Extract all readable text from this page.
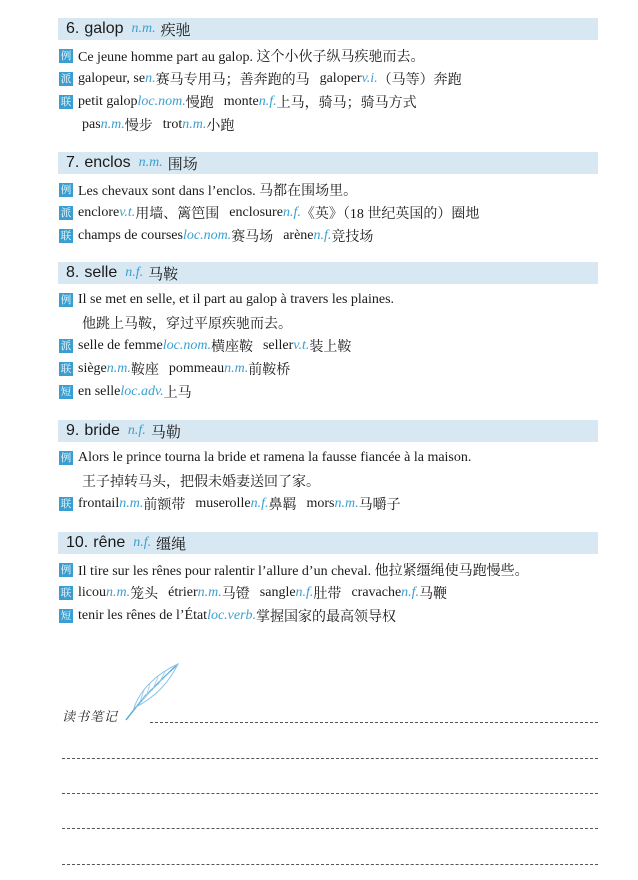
6. galop n.m. 疾驰
例 Ce jeune homme part au galop. 这个小伙子纵马疾驰而去。
派 galopeur, se n. 赛马专用马；善奔跑的马 galoper v.i. （马等）奔跑
联 petit galop loc.nom. 慢跑 monte n.f. 上马，骑马；骑马方式
pas n.m. 慢步 trot n.m. 小跑
7. enclos n.m. 围场
例 Les chevaux sont dans l’enclos. 马都在围场里。
派 enclore v.t. 用墙、篱笆围 enclosure n.f. 《英》（18 世纪英国的）圈地
联 champs de courses loc.nom. 赛马场 arène n.f. 竞技场
8. selle n.f. 马鞍
例 Il se met en selle, et il part au galop à travers les plaines.
他跳上马鞍，穿过平原疾驰而去。
派 selle de femme loc.nom. 横座鞍 seller v.t. 装上鞍
联 siège n.m. 鞍座 pommeau n.m. 前鞍桥
短 en selle loc.adv. 上马
9. bride n.f. 马勒
例 Alors le prince tourna la bride et ramena la fausse fiancée à la maison.
王子掉转马头，把假未婚妻送回了家。
联 frontail n.m. 前额带 muserolle n.f. 鼻羁 mors n.m. 马嚼子
10. rêne n.f. 缰绳
例 Il tire sur les rênes pour ralentir l’allure d’un cheval. 他拉紧缰绳使马跑慢些。
联 licou n.m. 笼头 étrier n.m. 马镫 sangle n.f. 肚带 cravache n.f. 马鞭
短 tenir les rênes de l’État loc.verb. 掌握国家的最高领导权
读书笔记
